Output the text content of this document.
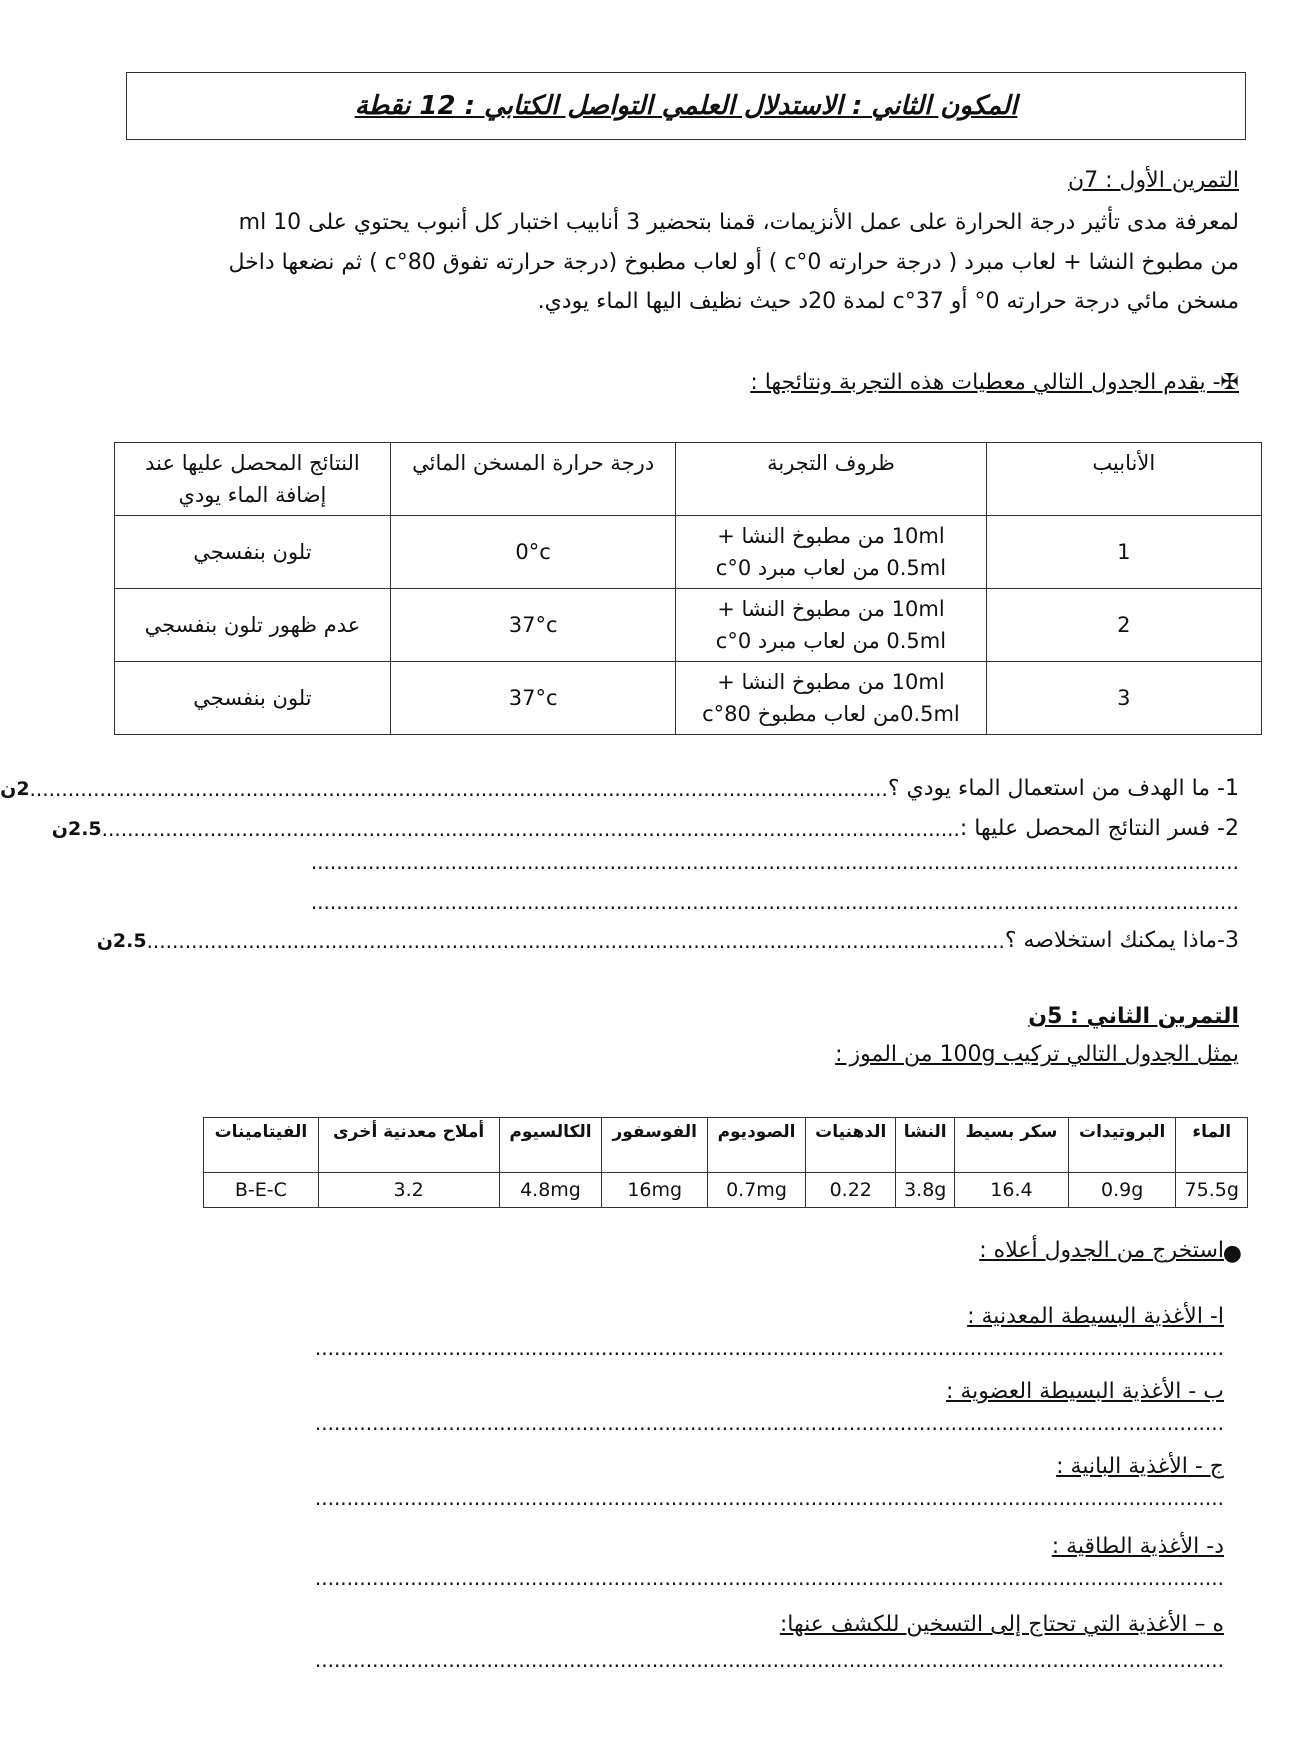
المكون الثاني : الاستدلال العلمي التواصل الكتابي : 12 نقطة
التمرين الأول : 7ن
لمعرفة مدى تأثير درجة الحرارة على عمل الأنزيمات، قمنا بتحضير 3 أنابيب اختبار كل أنبوب يحتوي على 10 ml
من مطبوخ النشا + لعاب مبرد ( درجة حرارته 0°c ) أو لعاب مطبوخ (درجة حرارته تفوق 80°c ) ثم نضعها داخل
مسخن مائي درجة حرارته 0° أو 37°c لمدة 20د حيث نظيف اليها الماء يودي.
✠- يقدم الجدول التالي معطيات هذه التجربة ونتائجها :
الأنابيب	ظروف التجربة	درجة حرارة المسخن المائي	النتائج المحصل عليها عند إضافة الماء يودي
1	10ml من مطبوخ النشا +
0.5ml من لعاب مبرد 0°c	0°c	تلون بنفسجي
2	10ml من مطبوخ النشا +
0.5ml من لعاب مبرد 0°c	37°c	عدم ظهور تلون بنفسجي
3	10ml من مطبوخ النشا +
0.5mlمن لعاب مطبوخ 80°c	37°c	تلون بنفسجي
1- ما الهدف من استعمال الماء يودي ؟
.......................................................................................................................................
2ن
2- فسر النتائج المحصل عليها :
.......................................................................................................................................
2.5ن
..................................................................................................................................................
..................................................................................................................................................
3-ماذا يمكنك استخلاصه ؟
.......................................................................................................................................
2.5ن
التمرين الثاني : 5ن
يمثل الجدول التالي تركيب 100g من الموز :
الماء	البروتيدات	سكر بسيط	النشا	الدهنيات	الصوديوم	الفوسفور	الكالسيوم	أملاح معدنية أخرى	الفيتامينات
75.5g	0.9g	16.4	3.8g	0.22	0.7mg	16mg	4.8mg	3.2	B-E-C
●
استخرج من الجدول أعلاه :
ا- الأغذية البسيطة المعدنية :
...............................................................................................................................................
ب - الأغذية البسيطة العضوية :
...............................................................................................................................................
ج - الأغذية البانية :
...............................................................................................................................................
د- الأغذية الطاقية :
...............................................................................................................................................
ه – الأغذية التي تحتاج إلى التسخين للكشف عنها:
...............................................................................................................................................
